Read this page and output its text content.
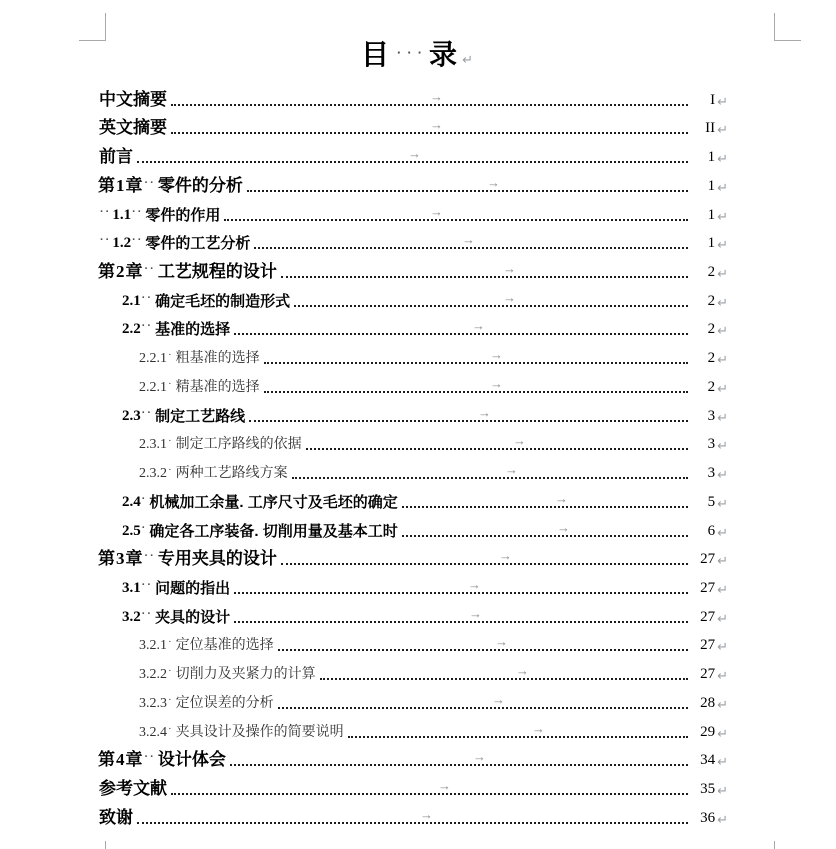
目 ···录 ↵
中文摘要	I ↵
→
英文摘要	II ↵
→
前言	1 ↵
→
第1章 ·· 零件的分析	1 ↵
→
·· 1.1 ·· 零件的作用	1 ↵
→
·· 1.2 ·· 零件的工艺分析	1 ↵
→
第2章 ·· 工艺规程的设计	2 ↵
→
2.1 ·· 确定毛坯的制造形式	2 ↵
→
2.2 ·· 基准的选择	2 ↵
→
2.2.1 · 粗基准的选择	2 ↵
→
2.2.1 · 精基准的选择	2 ↵
→
2.3 ·· 制定工艺路线	3 ↵
→
2.3.1 · 制定工序路线的依据	3 ↵
→
2.3.2 · 两种工艺路线方案	3 ↵
→
2.4 · 机械加工余量. 工序尺寸及毛坯的确定	5 ↵
→
2.5 · 确定各工序装备. 切削用量及基本工时	6 ↵
→
第3章 ·· 专用夹具的设计	27 ↵
→
3.1 ·· 问题的指出	27 ↵
→
3.2 ·· 夹具的设计	27 ↵
→
3.2.1 · 定位基准的选择	27 ↵
→
3.2.2 · 切削力及夹紧力的计算	27 ↵
→
3.2.3 · 定位误差的分析	28 ↵
→
3.2.4 · 夹具设计及操作的简要说明	29 ↵
→
第4章 ·· 设计体会	34 ↵
→
参考文献	35 ↵
→
致谢	36 ↵
→
